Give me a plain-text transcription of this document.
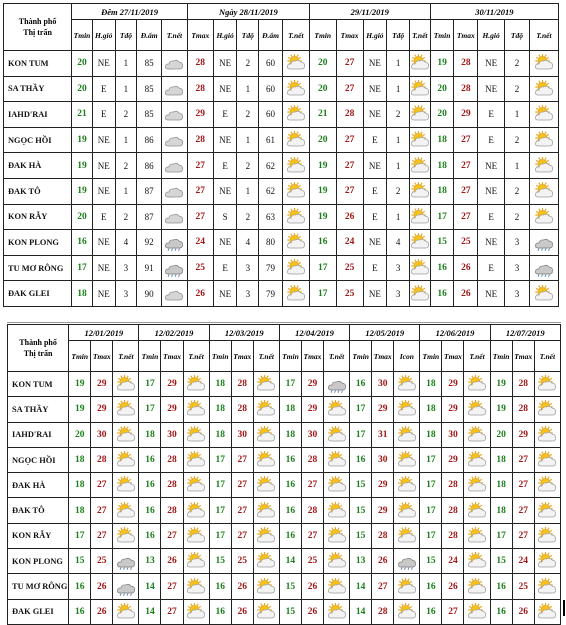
Thành phố
Thị trấn	Đêm 27/11/2019					Ngày 28/11/2019					29/11/2019					30/11/2019				
	Tmin	H.gió	Tđộ	Đ.ẩm	T.nết	Tmax	H.gió	Tđộ	Đ.ẩm	T.nết	Tmin	Tmax	H.gió	Tđộ	T.nết	Tmin	Tmax	H.gió	Tđộ	T.nết
KON TUM	20	NE	1	85		28	NE	2	60		20	27	NE	1		19	28	NE	2	

SA THẦY	20	E	1	85		28	NE	1	60		20	27	NE	1		20	28	NE	2	

IAHD'RAI	21	E	2	85		29	E	2	60		21	28	NE	2		20	29	E	1	

NGỌC HỒI	19	NE	1	86		28	NE	1	61		20	27	E	1		18	27	E	2	

ĐAK HÀ	19	NE	2	86		27	E	2	62		19	27	NE	1		18	27	NE	1	

ĐAK TÔ	19	NE	1	87		27	NE	1	62		19	27	E	2		18	27	NE	2	

KON RẪY	20	E	2	87		27	S	2	63		19	26	E	1		17	27	E	2	

KON PLONG	16	NE	4	92		24	NE	4	80		16	24	NE	4		15	25	NE	3	

TU MƠ RÔNG	17	NE	3	91		25	E	3	79		17	25	E	3		16	26	E	3	

ĐAK GLEI	18	NE	3	90		26	NE	3	79		17	25	NE	3		16	26	NE	3	
Thành phố
Thị trấn	12/01/2019			12/02/2019			12/03/2019			12/04/2019			12/05/2019			12/06/2019			12/07/2019		
	Tmin	Tmax	T.nết	Tmin	Tmax	T.nết	Tmin	Tmax	T.nết	Tmin	Tmax	T.nết	Tmin	Tmax	Icon	Tmin	Tmax	T.nết	Tmin	Tmax	T.nết
KON TUM	19	29		17	29		18	28		17	29		16	30		18	29		19	28	

SA THẦY	19	29		17	29		18	28		18	29		17	29		18	29		19	28	

IAHD'RAI	20	30		18	30		18	30		18	30		17	31		18	30		20	29	

NGỌC HỒI	18	28		16	28		17	27		16	28		16	30		17	29		18	27	

ĐAK HÀ	18	27		16	28		17	27		16	27		15	29		17	28		18	27	

ĐAK TÔ	18	27		16	28		17	27		16	28		15	29		17	28		18	27	

KON RẪY	17	27		16	27		17	27		16	27		15	28		17	28		17	27	

KON PLONG	15	25		13	26		15	25		14	25		13	26		15	24		15	24	

TU MƠ RÔNG	16	26		14	27		16	26		15	26		14	27		16	26		16	25	

ĐAK GLEI	16	26		14	27		16	26		15	26		14	28		16	27		16	26	
